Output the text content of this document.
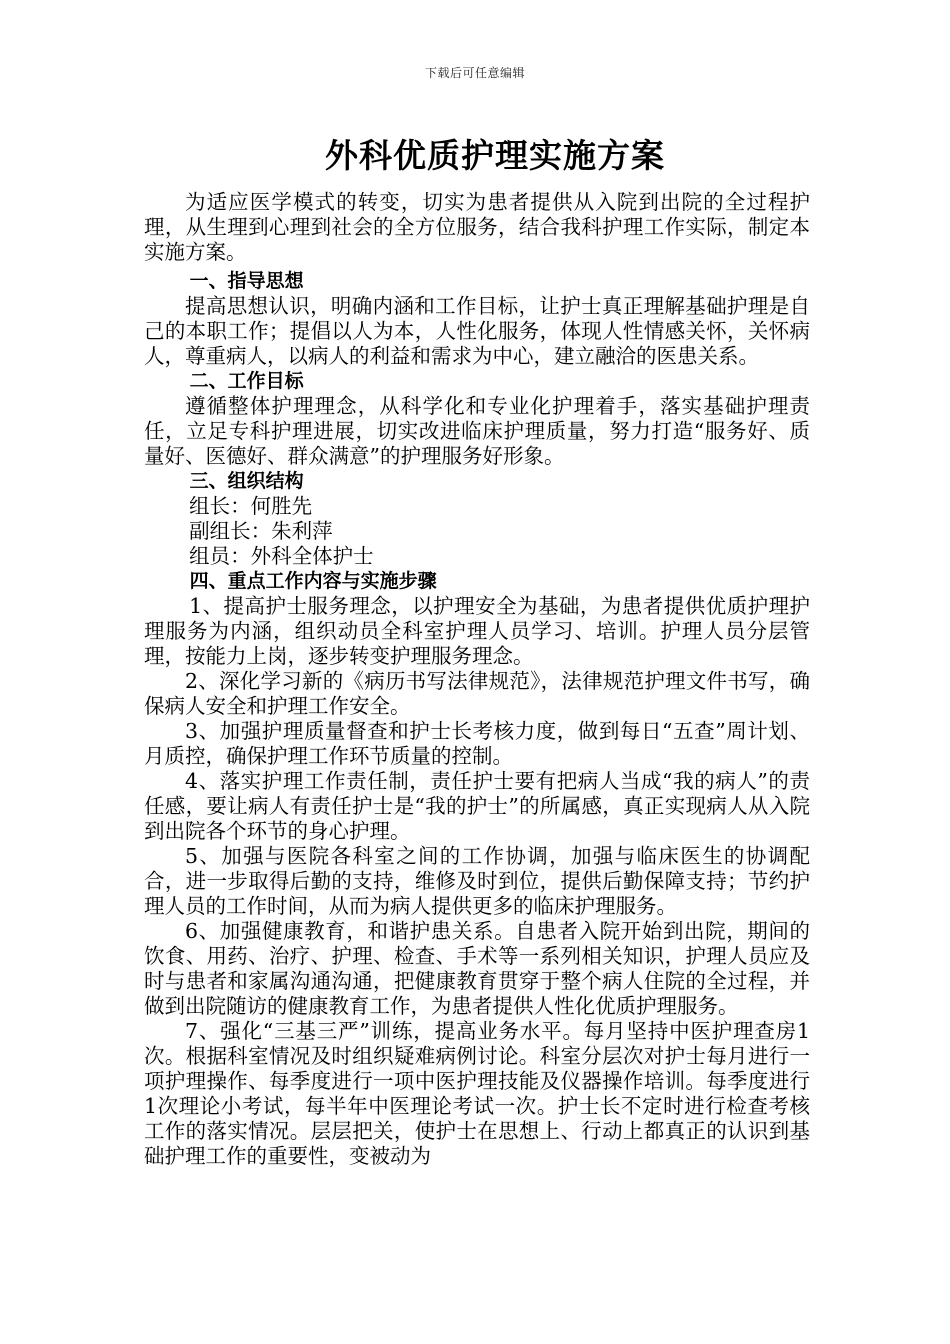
下载后可任意编辑
外科优质护理实施方案

为适应医学模式的转变，切实为患者提供从入院到出院的全过程护理，从生理到心理到社会的全方位服务，结合我科护理工作实际，制定本实施方案。

一、指导思想

提高思想认识，明确内涵和工作目标，让护士真正理解基础护理是自己的本职工作；提倡以人为本，人性化服务，体现人性情感关怀，关怀病人，尊重病人，以病人的利益和需求为中心，建立融洽的医患关系。

二、工作目标

遵循整体护理理念，从科学化和专业化护理着手，落实基础护理责任，立足专科护理进展，切实改进临床护理质量，努力打造“服务好、质量好、医德好、群众满意”的护理服务好形象。

三、组织结构

组长：何胜先

副组长：朱利萍

组员：外科全体护士

四、重点工作内容与实施步骤

1、提高护士服务理念，以护理安全为基础，为患者提供优质护理护理服务为内涵，组织动员全科室护理人员学习、培训。护理人员分层管理，按能力上岗，逐步转变护理服务理念。

2、深化学习新的《病历书写法律规范》，法律规范护理文件书写，确保病人安全和护理工作安全。

3、加强护理质量督查和护士长考核力度，做到每日“五查”周计划、月质控，确保护理工作环节质量的控制。

4、落实护理工作责任制，责任护士要有把病人当成“我的病人”的责任感，要让病人有责任护士是“我的护士”的所属感，真正实现病人从入院到出院各个环节的身心护理。

5、加强与医院各科室之间的工作协调，加强与临床医生的协调配合，进一步取得后勤的支持，维修及时到位，提供后勤保障支持；节约护理人员的工作时间，从而为病人提供更多的临床护理服务。

6、加强健康教育，和谐护患关系。自患者入院开始到出院，期间的饮食、用药、治疗、护理、检查、手术等一系列相关知识，护理人员应及时与患者和家属沟通沟通，把健康教育贯穿于整个病人住院的全过程，并做到出院随访的健康教育工作，为患者提供人性化优质护理服务。

7、强化“三基三严”训练，提高业务水平。每月坚持中医护理查房1次。根据科室情况及时组织疑难病例讨论。科室分层次对护士每月进行一项护理操作、每季度进行一项中医护理技能及仪器操作培训。每季度进行1次理论小考试，每半年中医理论考试一次。护士长不定时进行检查考核工作的落实情况。层层把关，使护士在思想上、行动上都真正的认识到基础护理工作的重要性，变被动为
